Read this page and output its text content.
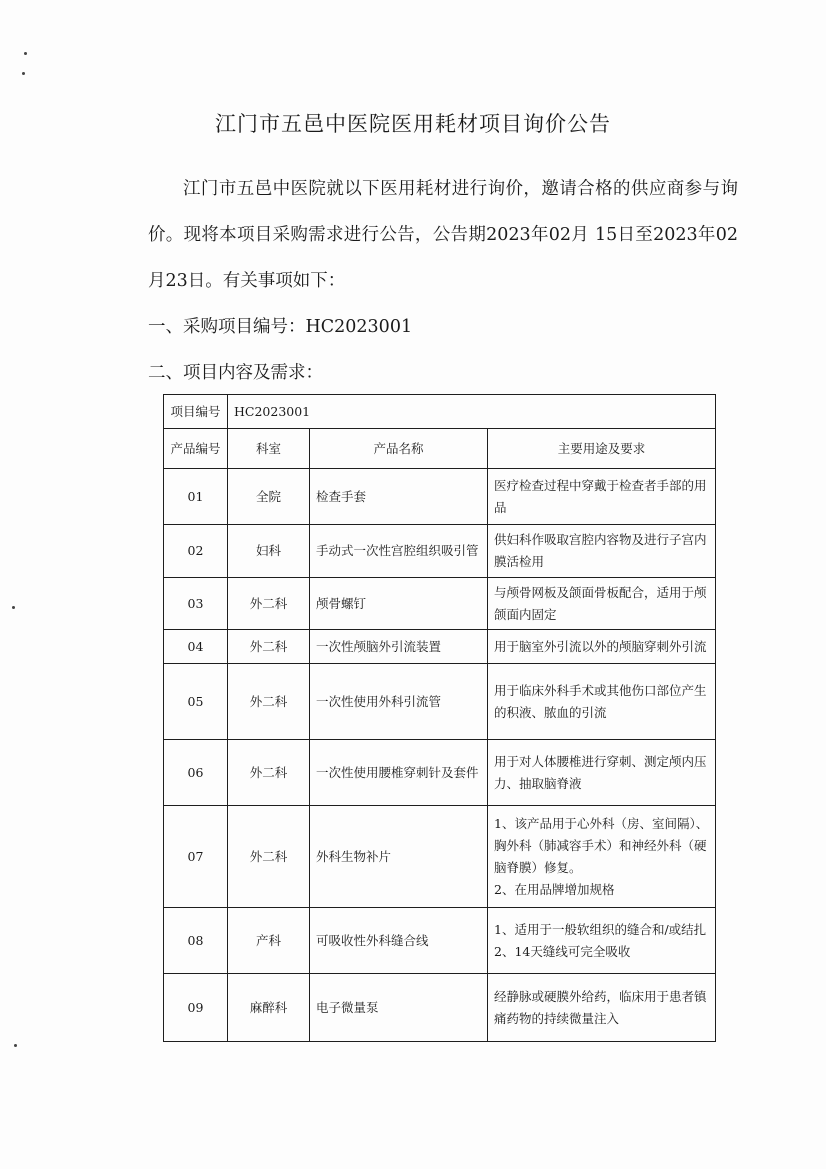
江门市五邑中医院医用耗材项目询价公告
江门市五邑中医院就以下医用耗材进行询价，邀请合格的供应商参与询价。现将本项目采购需求进行公告，公告期2023年02月 15日至2023年02月23日。有关事项如下：
一、采购项目编号：HC2023001
二、项目内容及需求：
项目编号	HC2023001		
产品编号	科室	产品名称	主要用途及要求
01	全院	检查手套	医疗检查过程中穿戴于检查者手部的用品
02	妇科	手动式一次性宫腔组织吸引管	供妇科作吸取宫腔内容物及进行子宫内膜活检用
03	外二科	颅骨螺钉	与颅骨网板及颌面骨板配合，适用于颅颌面内固定
04	外二科	一次性颅脑外引流装置	用于脑室外引流以外的颅脑穿刺外引流
05	外二科	一次性使用外科引流管	用于临床外科手术或其他伤口部位产生的积液、脓血的引流
06	外二科	一次性使用腰椎穿刺针及套件	用于对人体腰椎进行穿刺、测定颅内压力、抽取脑脊液
07	外二科	外科生物补片	1、该产品用于心外科（房、室间隔）、胸外科（肺减容手术）和神经外科（硬脑脊膜）修复。
2、在用品牌增加规格

08	产科	可吸收性外科缝合线	1、适用于一般软组织的缝合和/或结扎
2、14天缝线可完全吸收

09	麻醉科	电子微量泵	经静脉或硬膜外给药，临床用于患者镇痛药物的持续微量注入
